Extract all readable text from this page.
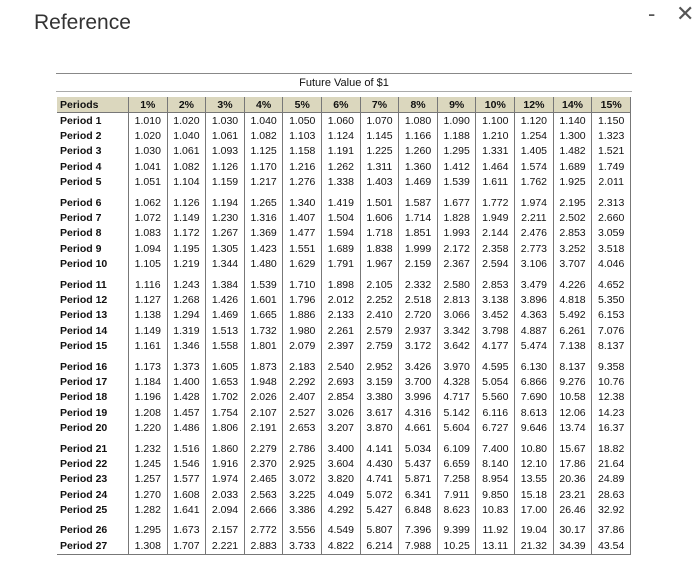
Reference	- ✕
Future Value of $1
Periods	1%	2%	3%	4%	5%	6%	7%	8%	9%	10%	12%	14%	15%
Period 1	1.010	1.020	1.030	1.040	1.050	1.060	1.070	1.080	1.090	1.100	1.120	1.140	1.150
Period 2	1.020	1.040	1.061	1.082	1.103	1.124	1.145	1.166	1.188	1.210	1.254	1.300	1.323
Period 3	1.030	1.061	1.093	1.125	1.158	1.191	1.225	1.260	1.295	1.331	1.405	1.482	1.521
Period 4	1.041	1.082	1.126	1.170	1.216	1.262	1.311	1.360	1.412	1.464	1.574	1.689	1.749
Period 5	1.051	1.104	1.159	1.217	1.276	1.338	1.403	1.469	1.539	1.611	1.762	1.925	2.011

Period 6	1.062	1.126	1.194	1.265	1.340	1.419	1.501	1.587	1.677	1.772	1.974	2.195	2.313
Period 7	1.072	1.149	1.230	1.316	1.407	1.504	1.606	1.714	1.828	1.949	2.211	2.502	2.660
Period 8	1.083	1.172	1.267	1.369	1.477	1.594	1.718	1.851	1.993	2.144	2.476	2.853	3.059
Period 9	1.094	1.195	1.305	1.423	1.551	1.689	1.838	1.999	2.172	2.358	2.773	3.252	3.518
Period 10	1.105	1.219	1.344	1.480	1.629	1.791	1.967	2.159	2.367	2.594	3.106	3.707	4.046

Period 11	1.116	1.243	1.384	1.539	1.710	1.898	2.105	2.332	2.580	2.853	3.479	4.226	4.652
Period 12	1.127	1.268	1.426	1.601	1.796	2.012	2.252	2.518	2.813	3.138	3.896	4.818	5.350
Period 13	1.138	1.294	1.469	1.665	1.886	2.133	2.410	2.720	3.066	3.452	4.363	5.492	6.153
Period 14	1.149	1.319	1.513	1.732	1.980	2.261	2.579	2.937	3.342	3.798	4.887	6.261	7.076
Period 15	1.161	1.346	1.558	1.801	2.079	2.397	2.759	3.172	3.642	4.177	5.474	7.138	8.137

Period 16	1.173	1.373	1.605	1.873	2.183	2.540	2.952	3.426	3.970	4.595	6.130	8.137	9.358
Period 17	1.184	1.400	1.653	1.948	2.292	2.693	3.159	3.700	4.328	5.054	6.866	9.276	10.76
Period 18	1.196	1.428	1.702	2.026	2.407	2.854	3.380	3.996	4.717	5.560	7.690	10.58	12.38
Period 19	1.208	1.457	1.754	2.107	2.527	3.026	3.617	4.316	5.142	6.116	8.613	12.06	14.23
Period 20	1.220	1.486	1.806	2.191	2.653	3.207	3.870	4.661	5.604	6.727	9.646	13.74	16.37

Period 21	1.232	1.516	1.860	2.279	2.786	3.400	4.141	5.034	6.109	7.400	10.80	15.67	18.82
Period 22	1.245	1.546	1.916	2.370	2.925	3.604	4.430	5.437	6.659	8.140	12.10	17.86	21.64
Period 23	1.257	1.577	1.974	2.465	3.072	3.820	4.741	5.871	7.258	8.954	13.55	20.36	24.89
Period 24	1.270	1.608	2.033	2.563	3.225	4.049	5.072	6.341	7.911	9.850	15.18	23.21	28.63
Period 25	1.282	1.641	2.094	2.666	3.386	4.292	5.427	6.848	8.623	10.83	17.00	26.46	32.92

Period 26	1.295	1.673	2.157	2.772	3.556	4.549	5.807	7.396	9.399	11.92	19.04	30.17	37.86
Period 27	1.308	1.707	2.221	2.883	3.733	4.822	6.214	7.988	10.25	13.11	21.32	34.39	43.54
